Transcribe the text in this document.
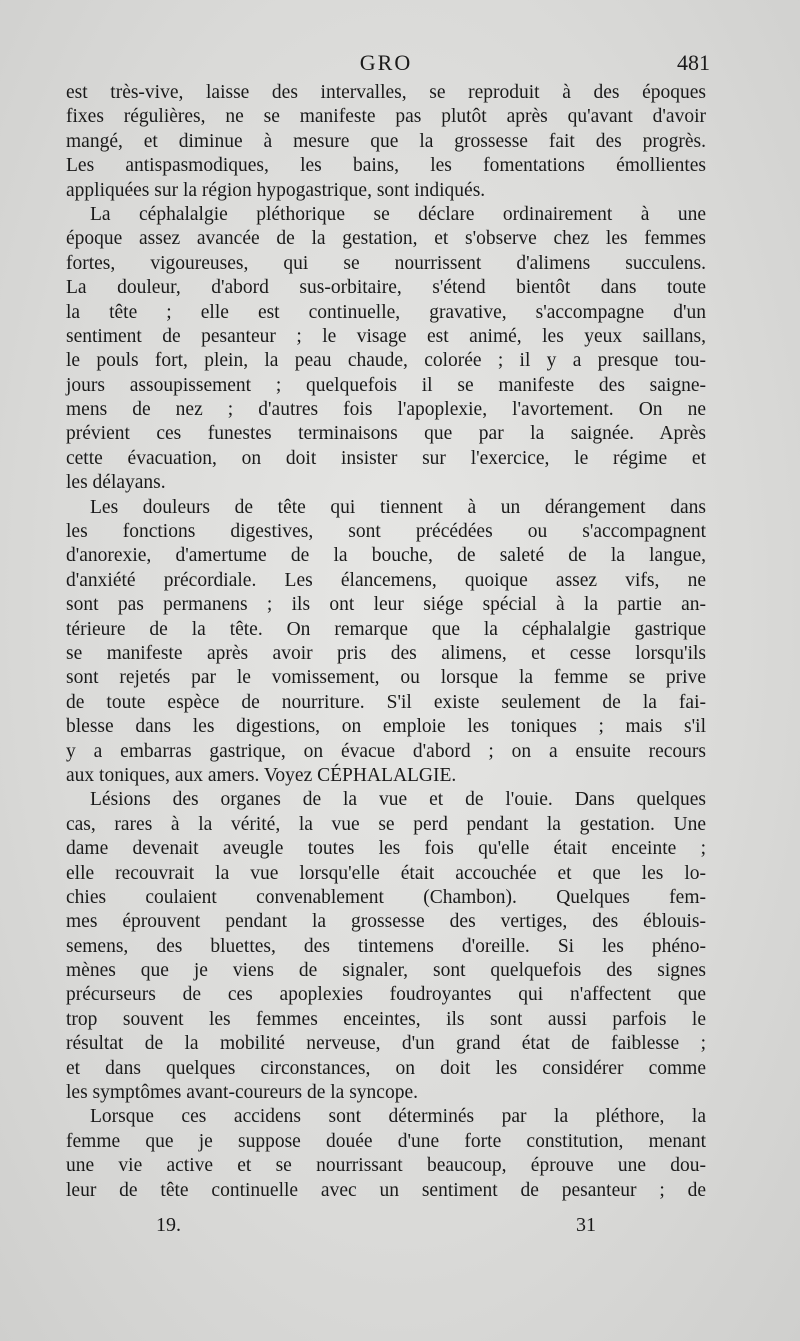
GRO	481
est très-vive, laisse des intervalles, se reproduit à des époques
fixes régulières, ne se manifeste pas plutôt après qu'avant d'avoir
mangé, et diminue à mesure que la grossesse fait des progrès.
Les antispasmodiques, les bains, les fomentations émollientes
appliquées sur la région hypogastrique, sont indiqués.
La céphalalgie pléthorique se déclare ordinairement à une
époque assez avancée de la gestation, et s'observe chez les femmes
fortes, vigoureuses, qui se nourrissent d'alimens succulens.
La douleur, d'abord sus-orbitaire, s'étend bientôt dans toute
la tête ; elle est continuelle, gravative, s'accompagne d'un
sentiment de pesanteur ; le visage est animé, les yeux saillans,
le pouls fort, plein, la peau chaude, colorée ; il y a presque tou-
jours assoupissement ; quelquefois il se manifeste des saigne-
mens de nez ; d'autres fois l'apoplexie, l'avortement. On ne
prévient ces funestes terminaisons que par la saignée. Après
cette évacuation, on doit insister sur l'exercice, le régime et
les délayans.
Les douleurs de tête qui tiennent à un dérangement dans
les fonctions digestives, sont précédées ou s'accompagnent
d'anorexie, d'amertume de la bouche, de saleté de la langue,
d'anxiété précordiale. Les élancemens, quoique assez vifs, ne
sont pas permanens ; ils ont leur siége spécial à la partie an-
térieure de la tête. On remarque que la céphalalgie gastrique
se manifeste après avoir pris des alimens, et cesse lorsqu'ils
sont rejetés par le vomissement, ou lorsque la femme se prive
de toute espèce de nourriture. S'il existe seulement de la fai-
blesse dans les digestions, on emploie les toniques ; mais s'il
y a embarras gastrique, on évacue d'abord ; on a ensuite recours
aux toniques, aux amers. Voyez CÉPHALALGIE.
Lésions des organes de la vue et de l'ouie. Dans quelques
cas, rares à la vérité, la vue se perd pendant la gestation. Une
dame devenait aveugle toutes les fois qu'elle était enceinte ;
elle recouvrait la vue lorsqu'elle était accouchée et que les lo-
chies coulaient convenablement (Chambon). Quelques fem-
mes éprouvent pendant la grossesse des vertiges, des éblouis-
semens, des bluettes, des tintemens d'oreille. Si les phéno-
mènes que je viens de signaler, sont quelquefois des signes
précurseurs de ces apoplexies foudroyantes qui n'affectent que
trop souvent les femmes enceintes, ils sont aussi parfois le
résultat de la mobilité nerveuse, d'un grand état de faiblesse ;
et dans quelques circonstances, on doit les considérer comme
les symptômes avant-coureurs de la syncope.
Lorsque ces accidens sont déterminés par la pléthore, la
femme que je suppose douée d'une forte constitution, menant
une vie active et se nourrissant beaucoup, éprouve une dou-
leur de tête continuelle avec un sentiment de pesanteur ; de
19.	31
